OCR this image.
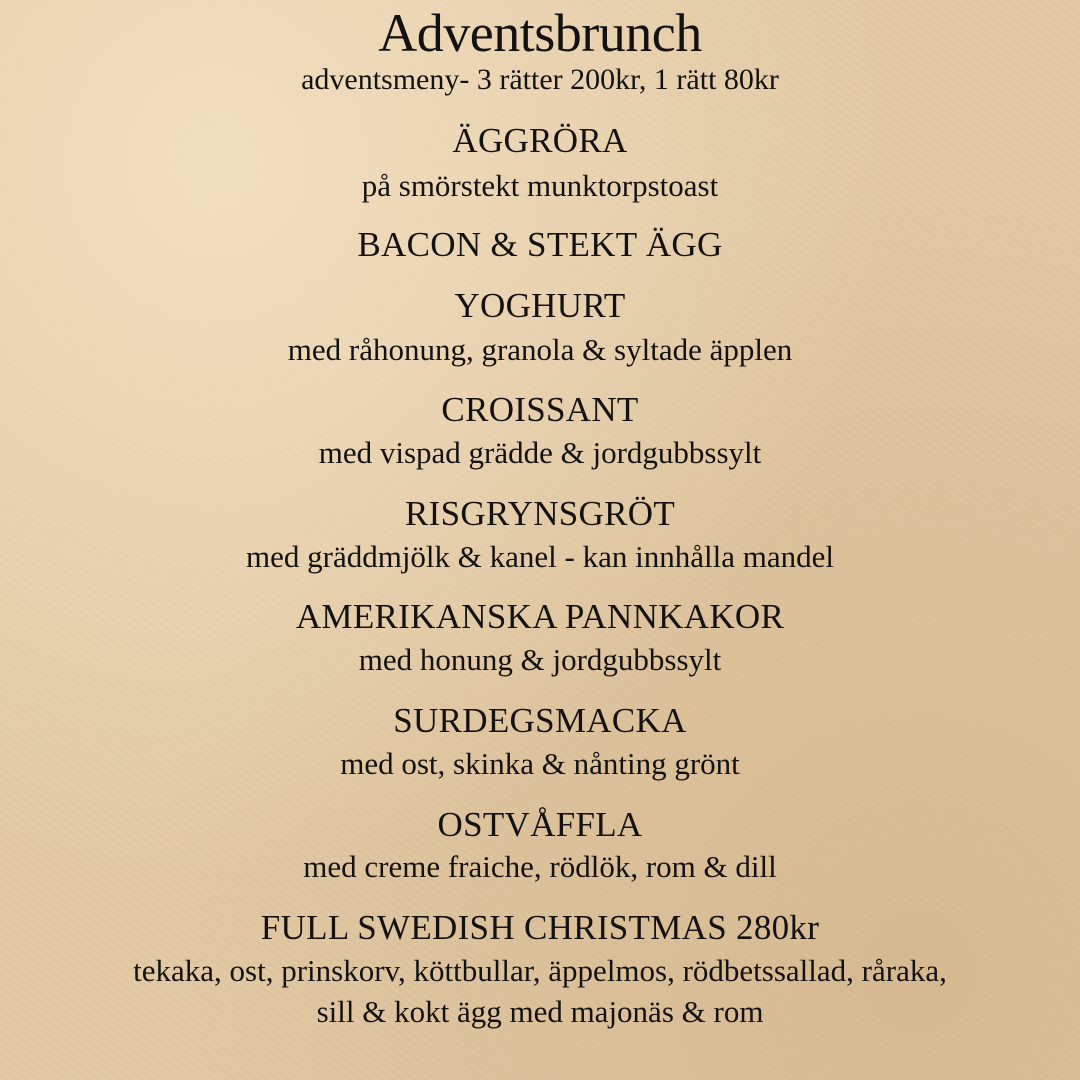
Adventsbrunch
adventsmeny- 3 rätter 200kr, 1 rätt 80kr
ÄGGRÖRA
på smörstekt munktorpstoast
BACON & STEKT ÄGG
YOGHURT
med råhonung, granola & syltade äpplen
CROISSANT
med vispad grädde & jordgubbssylt
RISGRYNSGRÖT
med gräddmjölk & kanel - kan innhålla mandel
AMERIKANSKA PANNKAKOR
med honung & jordgubbssylt
SURDEGSMACKA
med ost, skinka & nånting grönt
OSTVÅFFLA
med creme fraiche, rödlök, rom & dill
FULL SWEDISH CHRISTMAS 280kr
tekaka, ost, prinskorv, köttbullar, äppelmos, rödbetssallad, råraka,
sill & kokt ägg med majonäs & rom
